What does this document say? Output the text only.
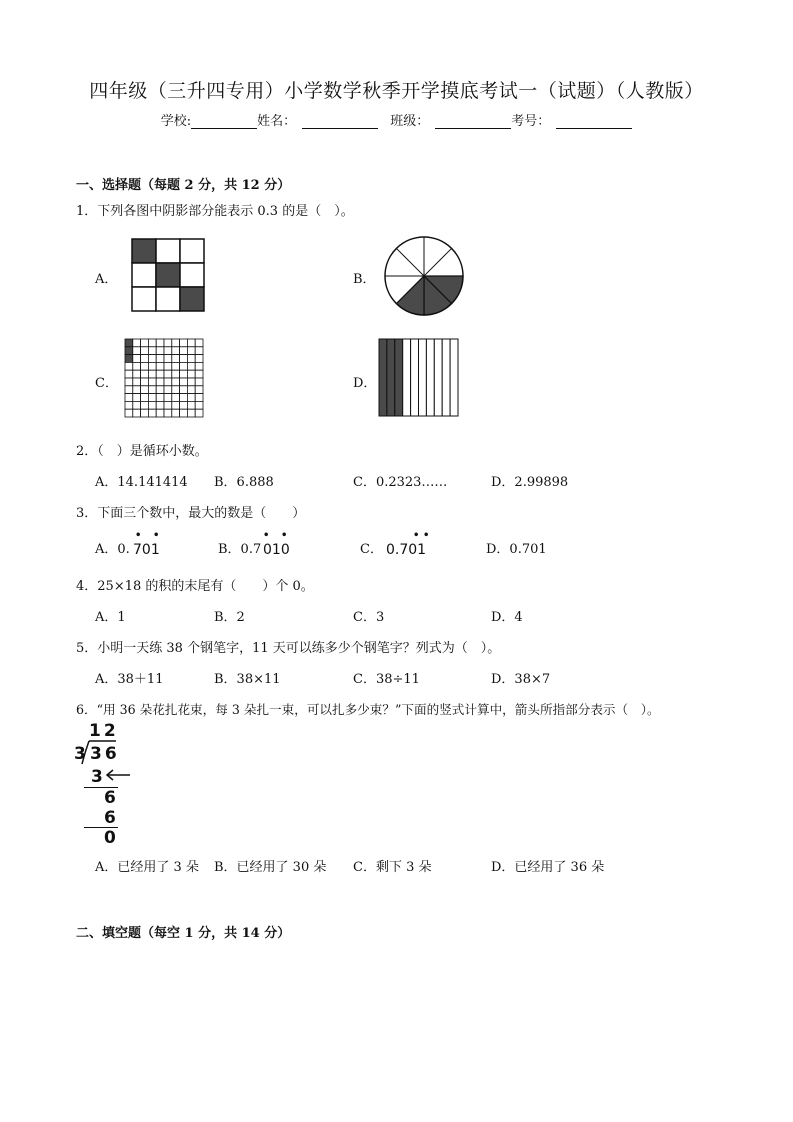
四年级（三升四专用）小学数学秋季开学摸底考试一（试题）（人教版）
学校:	姓名：	班级：	考号：
一、选择题（每题 2 分，共 12 分）
1．下列各图中阴影部分能表示 0.3 的是（　）。
A．	B．
C．	D．
2．（　）是循环小数。
A．14.141414 B．6.888	C．0.2323……	D．2.99898
3．下面三个数中，最大的数是（　　）
A．0. 701
• •
B．0.7 010
• •
C． 0.701
• •
D．0.701
4．25×18 的积的末尾有（　　）个 0。
A．1	B．2	C．3	D．4
5．小明一天练 38 个钢笔字，11 天可以练多少个钢笔字？列式为（　）。
A．38＋11	B．38×11	C．38÷11	D．38×7
6．“用 36 朵花扎花束，每 3 朵扎一束，可以扎多少束？”下面的竖式计算中，箭头所指部分表示（　）。
12
3 36
3
6
6
0
A．已经用了 3 朵 B．已经用了 30 朵 C．剩下 3 朵	D．已经用了 36 朵
二、填空题（每空 1 分，共 14 分）
